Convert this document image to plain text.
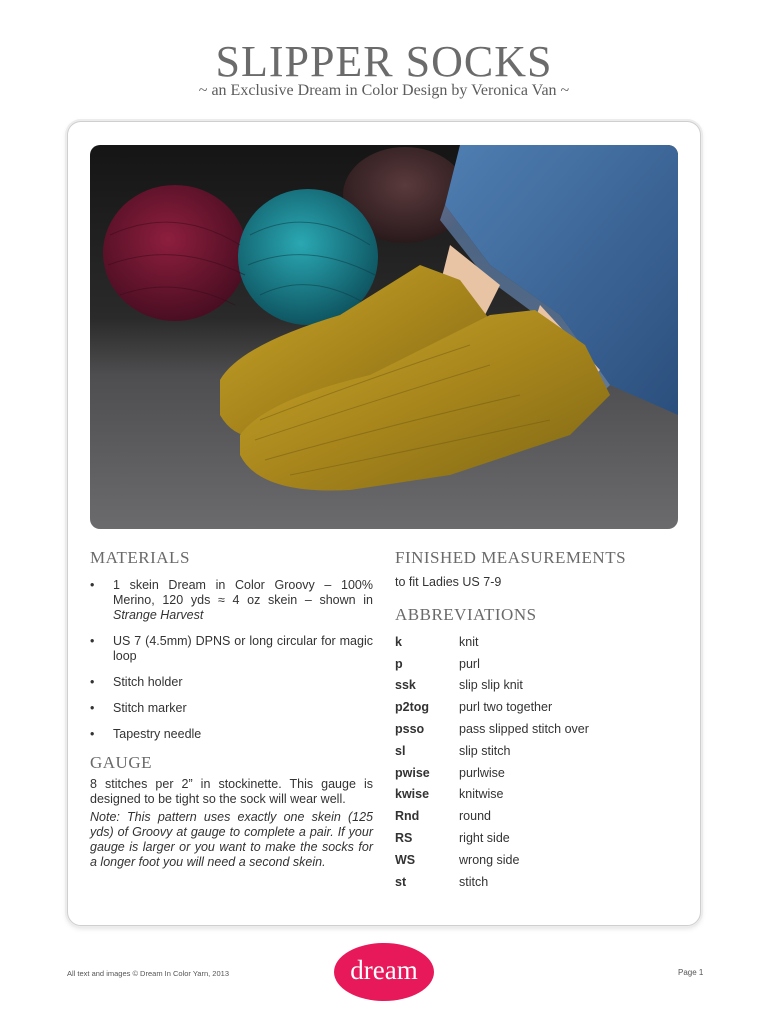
SLIPPER SOCKS
~ an Exclusive Dream in Color Design by Veronica Van ~
MATERIALS
• 1 skein Dream in Color Groovy – 100% Merino, 120 yds ≈ 4 oz skein – shown in Strange Harvest
• US 7 (4.5mm) DPNS or long circular for magic loop
• Stitch holder
• Stitch marker
• Tapestry needle
GAUGE

8 stitches per 2” in stockinette. This gauge is designed to be tight so the sock will wear well.

Note: This pattern uses exactly one skein (125 yds) of Groovy at gauge to complete a pair. If your gauge is larger or you want to make the socks for a longer foot you will need a second skein.

FINISHED MEASUREMENTS

to fit Ladies US 7-9

ABBREVIATIONS
k	knit
p	purl
ssk	slip slip knit
p2tog	purl two together
psso	pass slipped stitch over
sl	slip stitch
pwise	purlwise
kwise	knitwise
Rnd	round
RS	right side
WS	wrong side
st	stitch
All text and images © Dream In Color Yarn, 2013	dream	Page 1
